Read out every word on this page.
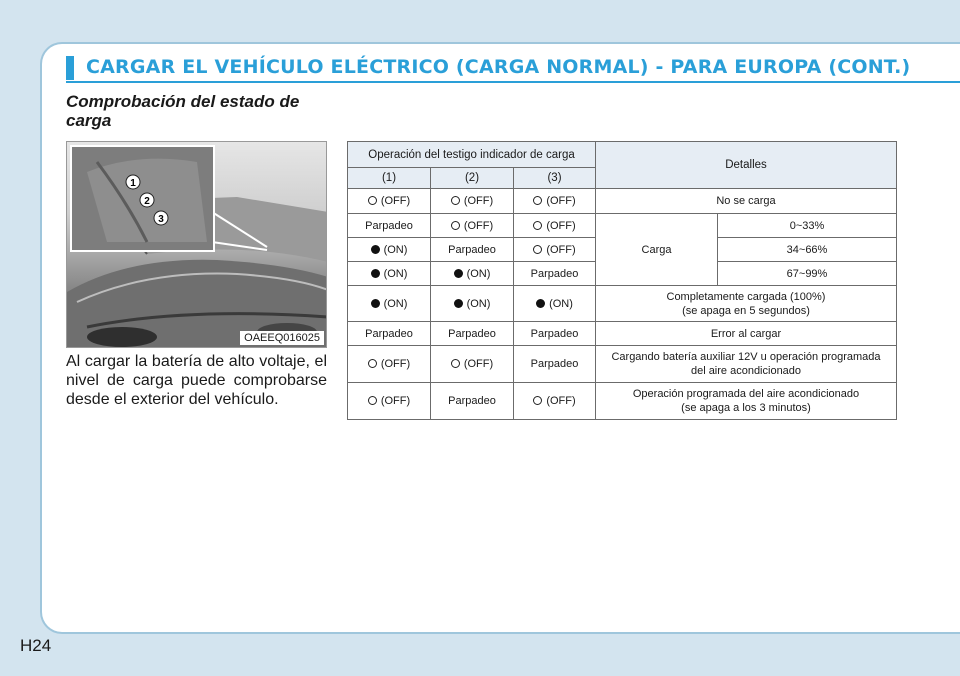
CARGAR EL VEHÍCULO ELÉCTRICO (CARGA NORMAL) - PARA EUROPA (CONT.)
Comprobación del estado de carga
1
2
3
OAEEQ016025
Al cargar la batería de alto voltaje, el nivel de carga puede comprobarse desde el exterior del vehículo.
Operación del testigo indicador de carga			Detalles	
(1)	(2)	(3)		
(OFF)	(OFF)	(OFF)	No se carga	
Parpadeo	(OFF)	(OFF)	Carga	0~33%
(ON)	Parpadeo	(OFF)		34~66%
(ON)	(ON)	Parpadeo		67~99%
(ON)	(ON)	(ON)	Completamente cargada (100%)
(se apaga en 5 segundos)	

Parpadeo	Parpadeo	Parpadeo	Error al cargar	
(OFF)	(OFF)	Parpadeo	Cargando batería auxiliar 12V u operación programada
del aire acondicionado	

(OFF)	Parpadeo	(OFF)	Operación programada del aire acondicionado
(se apaga a los 3 minutos)	
H24
